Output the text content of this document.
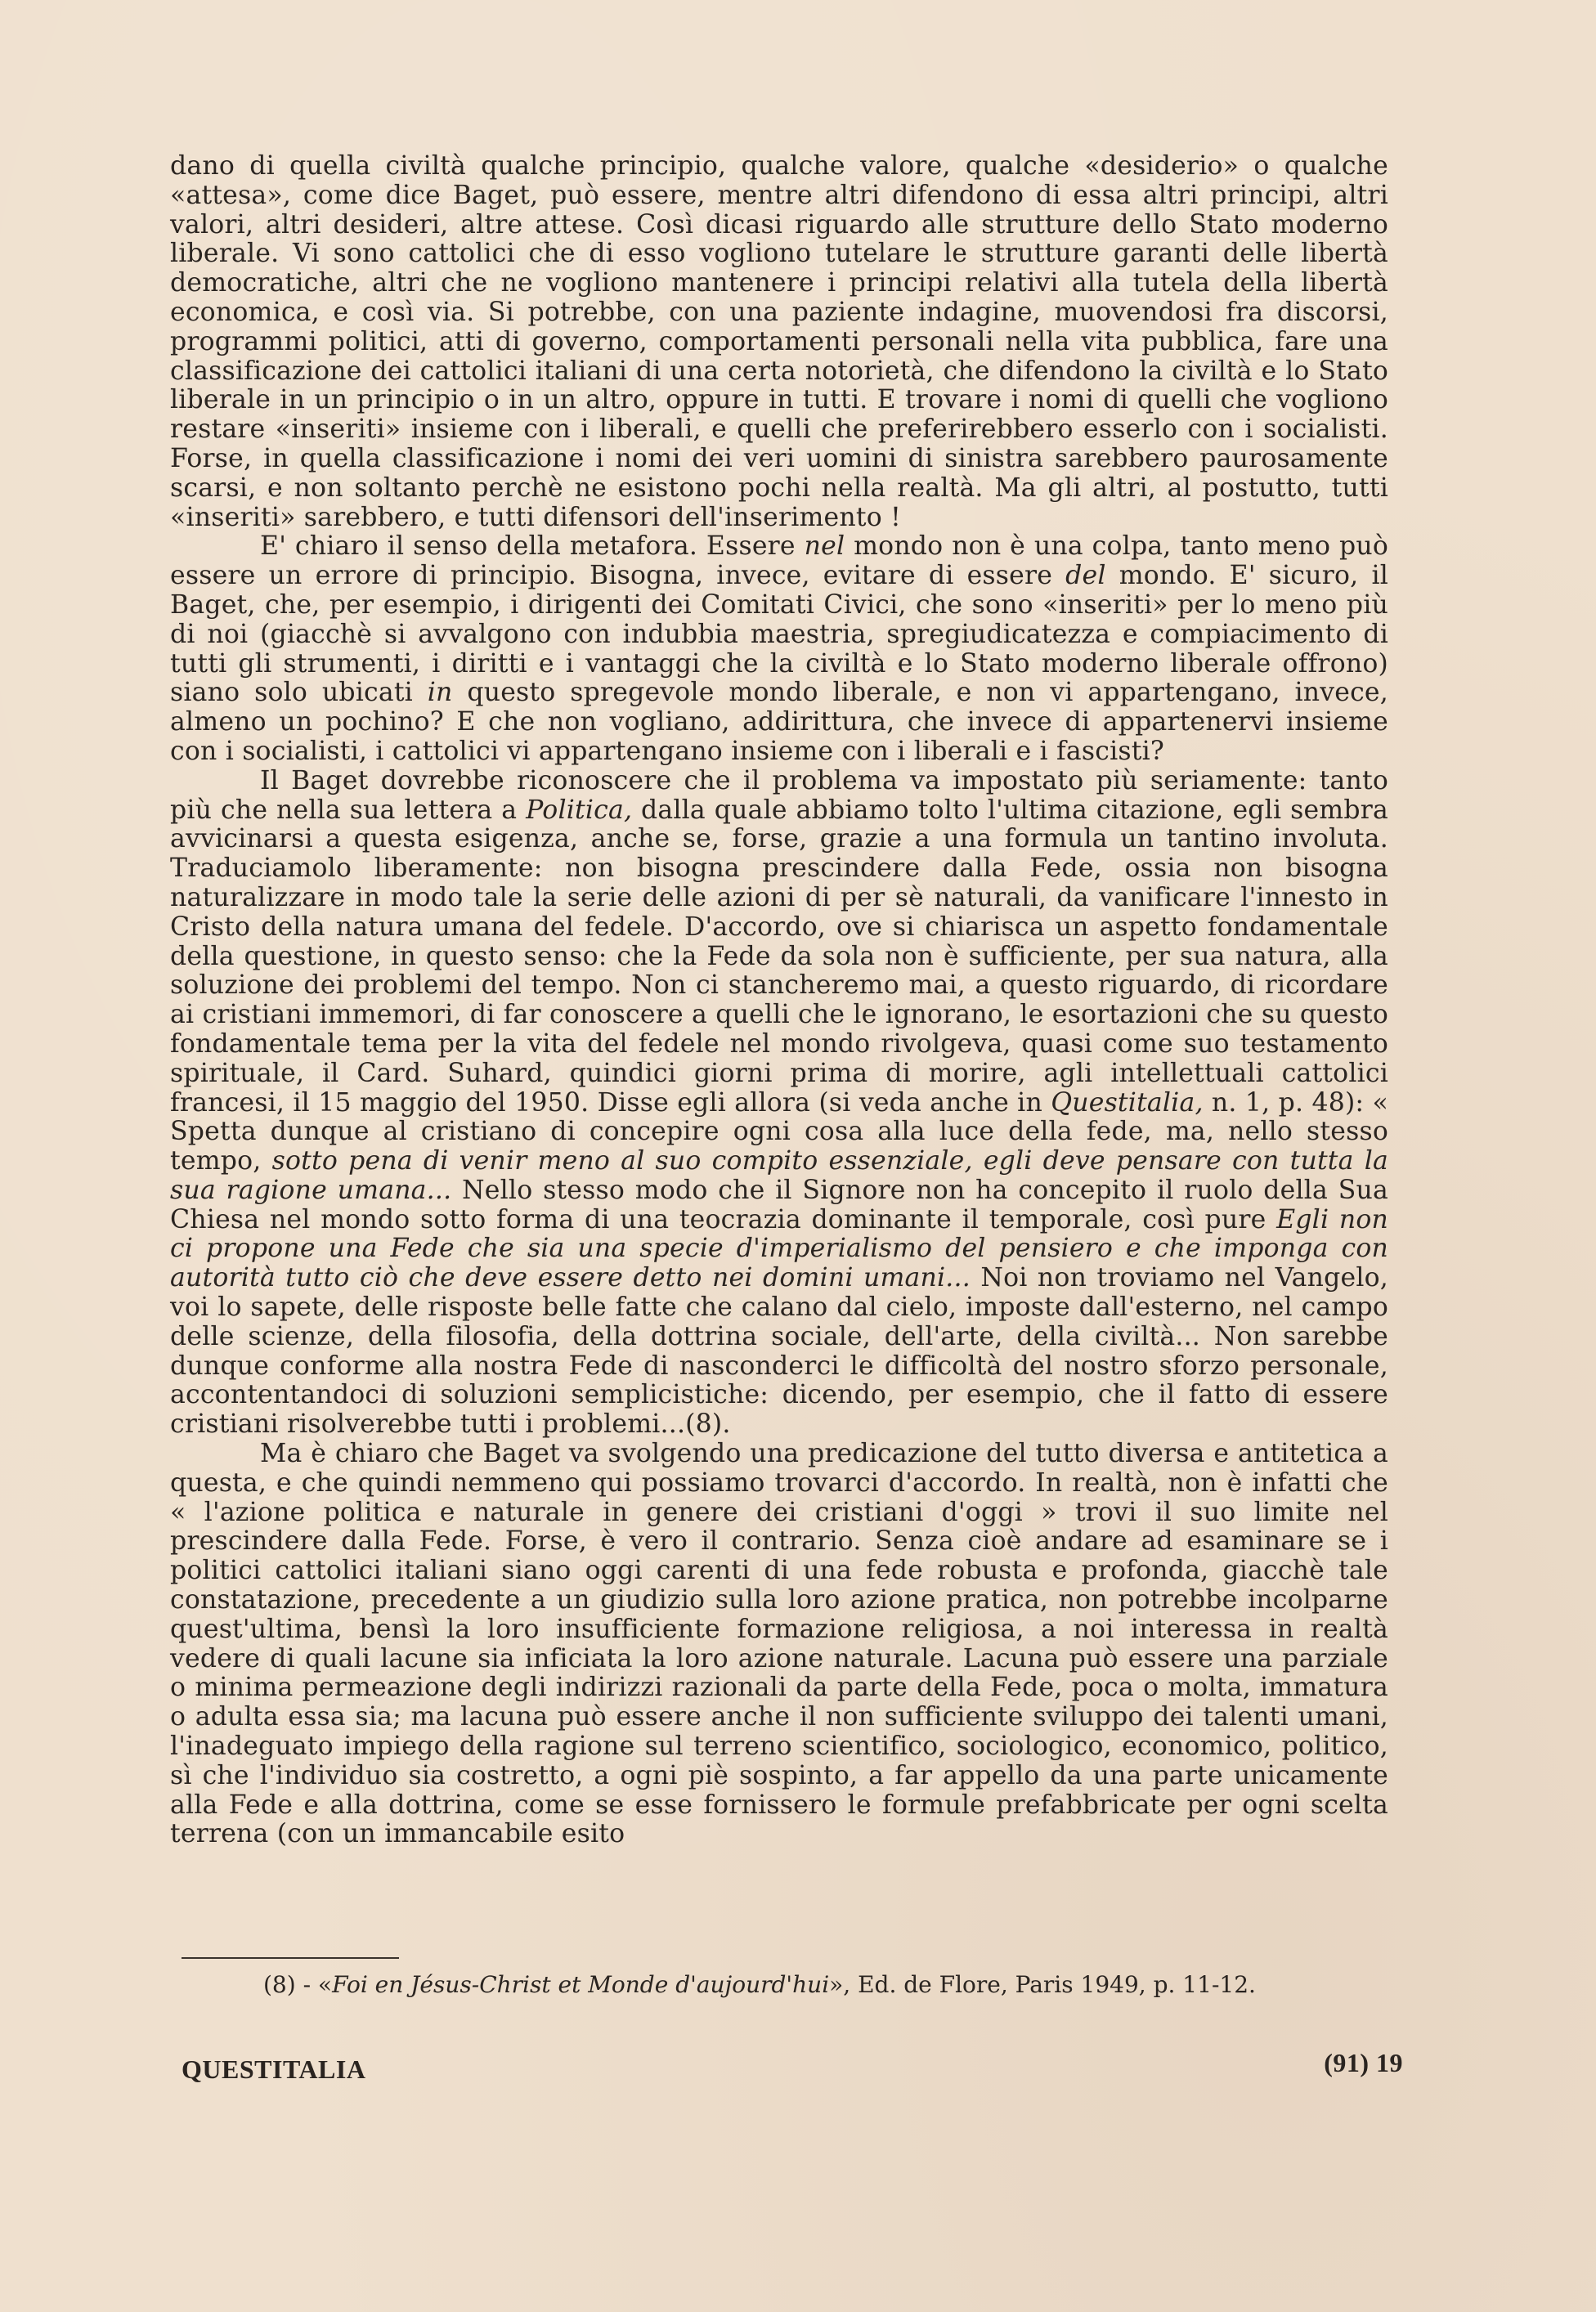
dano di quella civiltà qualche principio, qualche valore, qualche «desiderio» o qualche «attesa», come dice Baget, può essere, mentre altri difendono di essa altri principi, altri valori, altri desideri, altre attese. Così dicasi riguardo alle strutture dello Stato moderno liberale. Vi sono cattolici che di esso vogliono tutelare le strutture garanti delle libertà democratiche, altri che ne vogliono mantenere i principi relativi alla tutela della libertà economica, e così via. Si potrebbe, con una paziente indagine, muovendosi fra discorsi, programmi politici, atti di governo, comportamenti personali nella vita pubblica, fare una classificazione dei cattolici italiani di una certa notorietà, che difendono la civiltà e lo Stato liberale in un principio o in un altro, oppure in tutti. E trovare i nomi di quelli che vogliono restare «inseriti» insieme con i liberali, e quelli che preferirebbero esserlo con i socialisti. Forse, in quella classificazione i nomi dei veri uomini di sinistra sarebbero paurosamente scarsi, e non soltanto perchè ne esistono pochi nella realtà. Ma gli altri, al postutto, tutti «inseriti» sarebbero, e tutti difensori dell'inserimento !

E' chiaro il senso della metafora. Essere nel mondo non è una colpa, tanto meno può essere un errore di principio. Bisogna, invece, evitare di essere del mondo. E' sicuro, il Baget, che, per esempio, i dirigenti dei Comitati Civici, che sono «inseriti» per lo meno più di noi (giacchè si avvalgono con indubbia maestria, spregiudicatezza e compiacimento di tutti gli strumenti, i diritti e i vantaggi che la civiltà e lo Stato moderno liberale offrono) siano solo ubicati in questo spregevole mondo liberale, e non vi appartengano, invece, almeno un pochino? E che non vogliano, addirittura, che invece di appartenervi insieme con i socialisti, i cattolici vi appartengano insieme con i liberali e i fascisti?

Il Baget dovrebbe riconoscere che il problema va impostato più seriamente: tanto più che nella sua lettera a Politica, dalla quale abbiamo tolto l'ultima citazione, egli sembra avvicinarsi a questa esigenza, anche se, forse, grazie a una formula un tantino involuta. Traduciamolo liberamente: non bisogna prescindere dalla Fede, ossia non bisogna naturalizzare in modo tale la serie delle azioni di per sè naturali, da vanificare l'innesto in Cristo della natura umana del fedele. D'accordo, ove si chiarisca un aspetto fondamentale della questione, in questo senso: che la Fede da sola non è sufficiente, per sua natura, alla soluzione dei problemi del tempo. Non ci stancheremo mai, a questo riguardo, di ricordare ai cristiani immemori, di far conoscere a quelli che le ignorano, le esortazioni che su questo fondamentale tema per la vita del fedele nel mondo rivolgeva, quasi come suo testamento spirituale, il Card. Suhard, quindici giorni prima di morire, agli intellettuali cattolici francesi, il 15 maggio del 1950. Disse egli allora (si veda anche in Questitalia, n. 1, p. 48): « Spetta dunque al cristiano di concepire ogni cosa alla luce della fede, ma, nello stesso tempo, sotto pena di venir meno al suo compito essenziale, egli deve pensare con tutta la sua ragione umana... Nello stesso modo che il Signore non ha concepito il ruolo della Sua Chiesa nel mondo sotto forma di una teocrazia dominante il temporale, così pure Egli non ci propone una Fede che sia una specie d'imperialismo del pensiero e che imponga con autorità tutto ciò che deve essere detto nei domini umani... Noi non troviamo nel Vangelo, voi lo sapete, delle risposte belle fatte che calano dal cielo, imposte dall'esterno, nel campo delle scienze, della filosofia, della dottrina sociale, dell'arte, della civiltà... Non sarebbe dunque conforme alla nostra Fede di nasconderci le difficoltà del nostro sforzo personale, accontentandoci di soluzioni semplicistiche: dicendo, per esempio, che il fatto di essere cristiani risolverebbe tutti i problemi...(8).

Ma è chiaro che Baget va svolgendo una predicazione del tutto diversa e antitetica a questa, e che quindi nemmeno qui possiamo trovarci d'accordo. In realtà, non è infatti che « l'azione politica e naturale in genere dei cristiani d'oggi » trovi il suo limite nel prescindere dalla Fede. Forse, è vero il contrario. Senza cioè andare ad esaminare se i politici cattolici italiani siano oggi carenti di una fede robusta e profonda, giacchè tale constatazione, precedente a un giudizio sulla loro azione pratica, non potrebbe incolparne quest'ultima, bensì la loro insufficiente formazione religiosa, a noi interessa in realtà vedere di quali lacune sia inficiata la loro azione naturale. Lacuna può essere una parziale o minima permeazione degli indirizzi razionali da parte della Fede, poca o molta, immatura o adulta essa sia; ma lacuna può essere anche il non sufficiente sviluppo dei talenti umani, l'inadeguato impiego della ragione sul terreno scientifico, sociologico, economico, politico, sì che l'individuo sia costretto, a ogni piè sospinto, a far appello da una parte unicamente alla Fede e alla dottrina, come se esse fornissero le formule prefabbricate per ogni scelta terrena (con un immancabile esito

(8) - «Foi en Jésus-Christ et Monde d'aujourd'hui», Ed. de Flore, Paris 1949, p. 11-12.
QUESTITALIA	(91) 19
